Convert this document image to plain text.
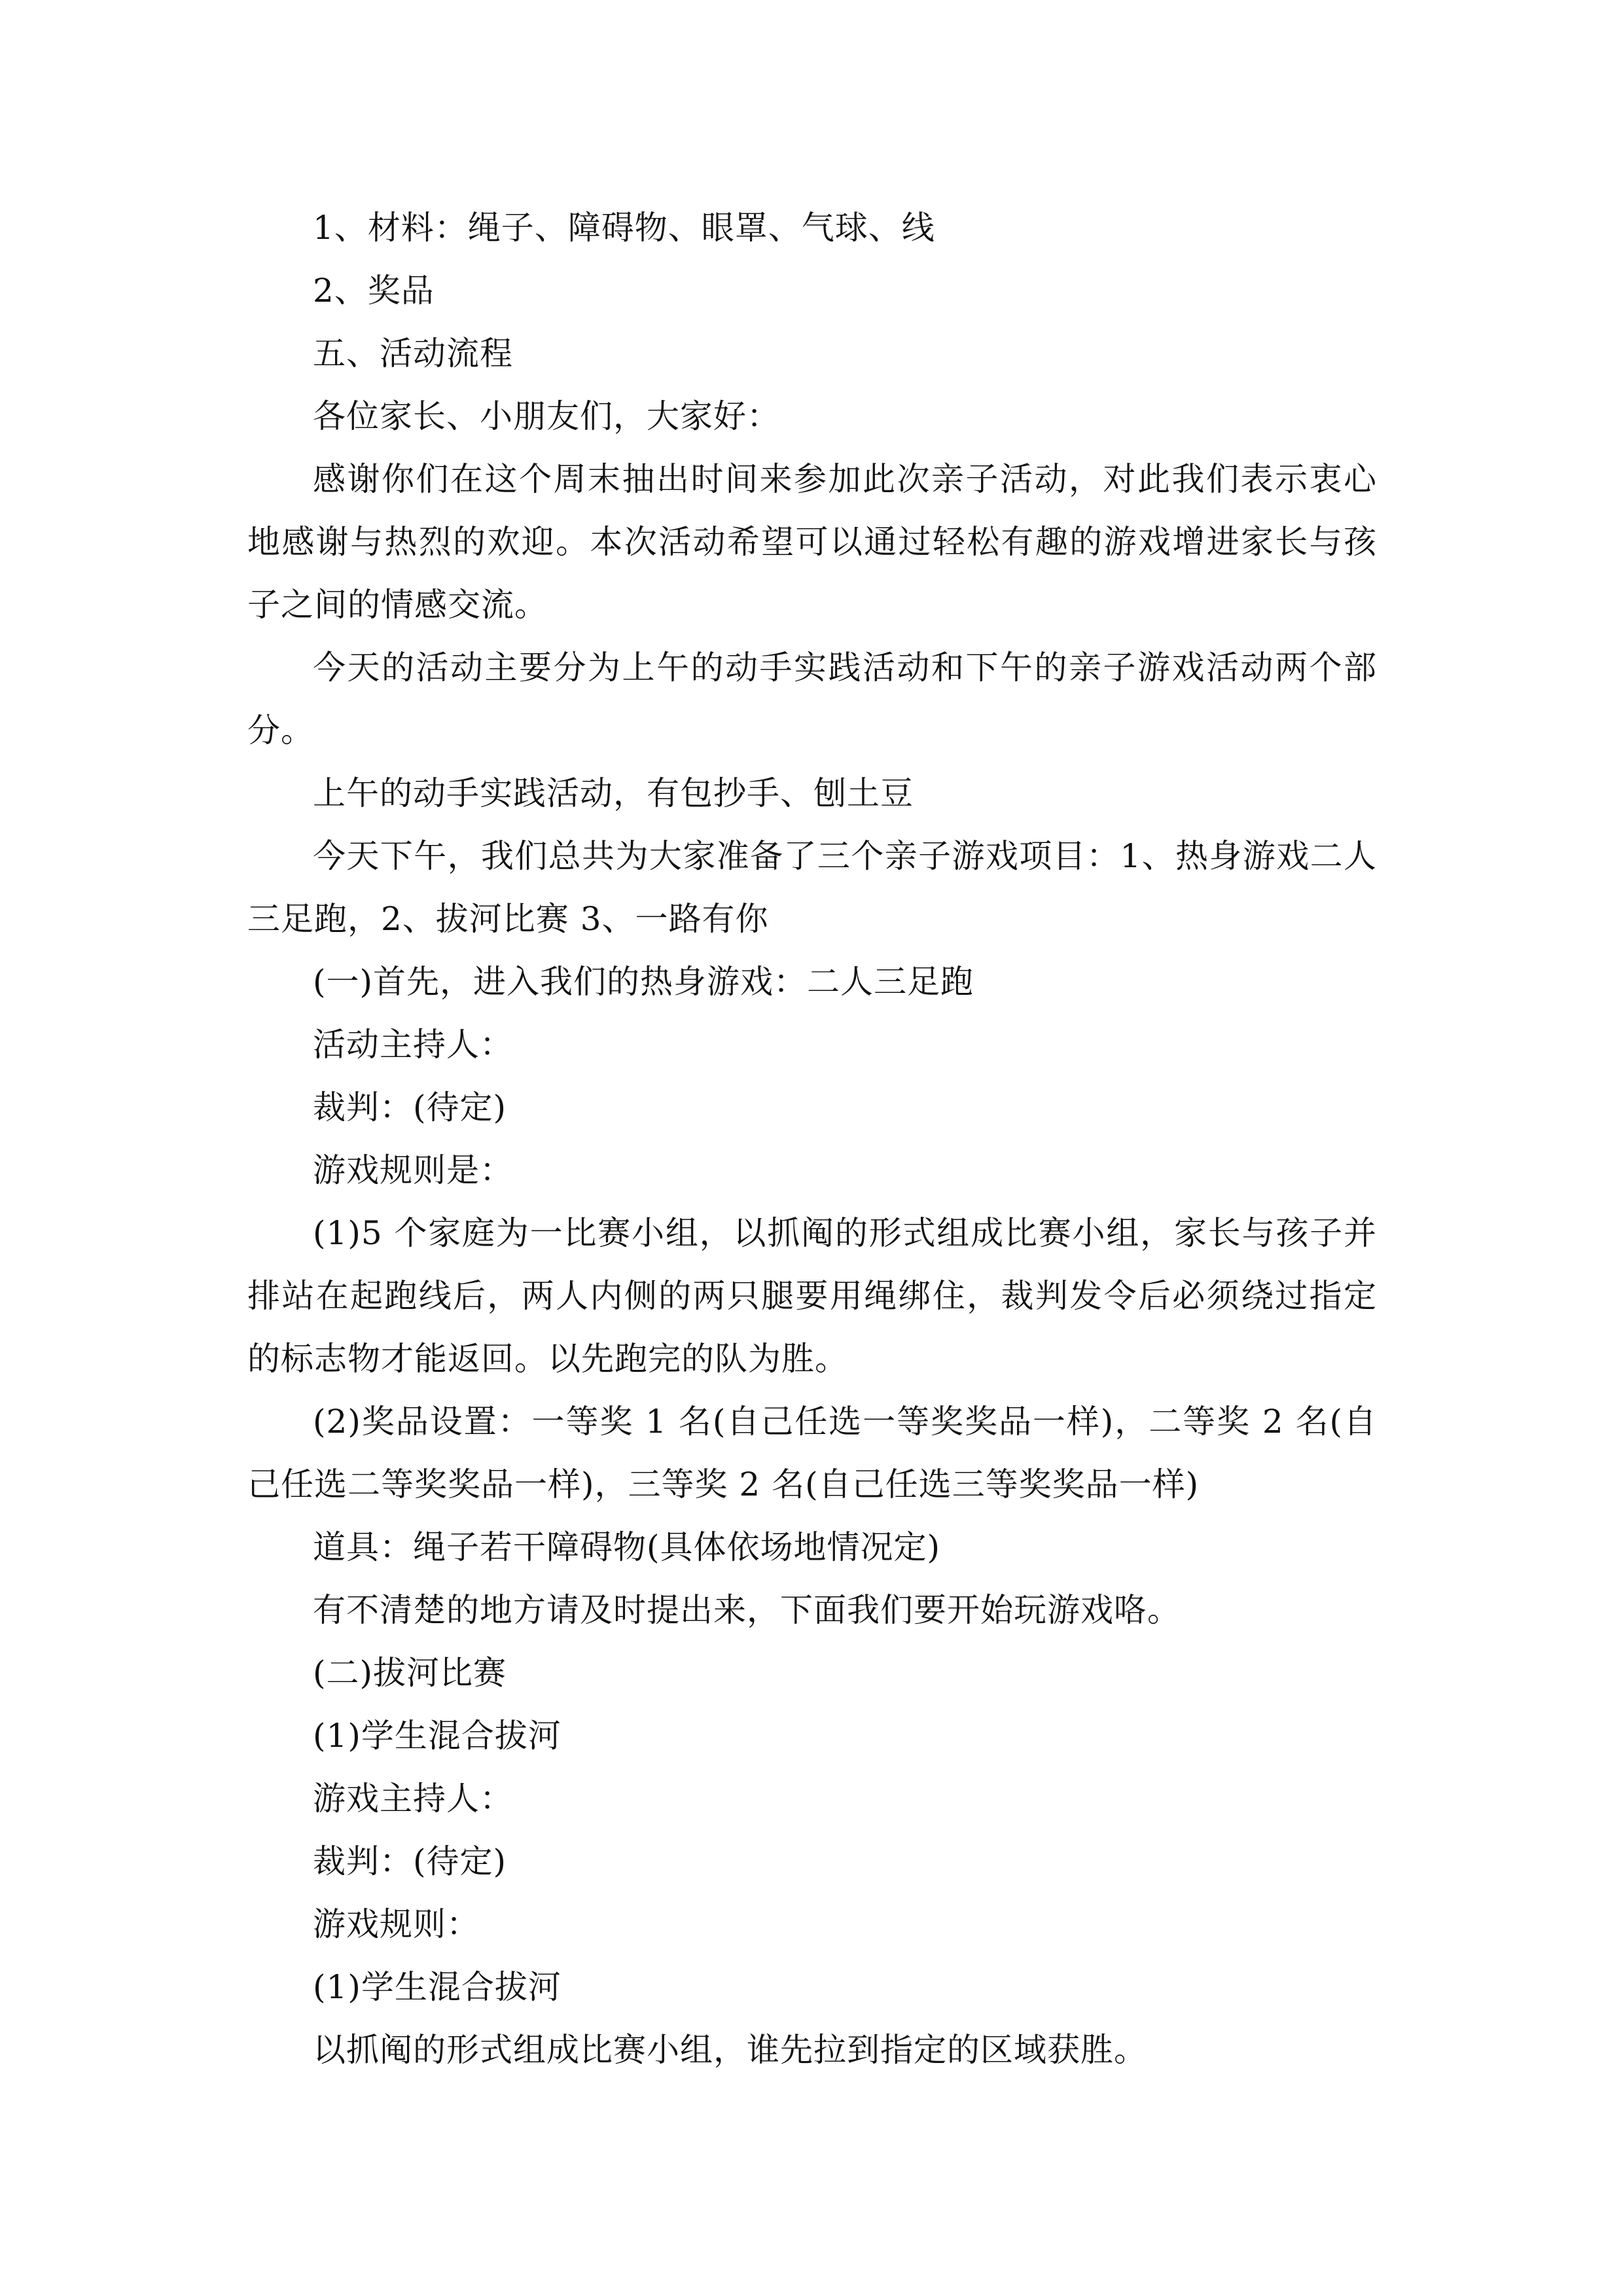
1、材料：绳子、障碍物、眼罩、气球、线

2、奖品

五、活动流程

各位家长、小朋友们，大家好：

感谢你们在这个周末抽出时间来参加此次亲子活动，对此我们表示衷心地感谢与热烈的欢迎。本次活动希望可以通过轻松有趣的游戏增进家长与孩子之间的情感交流。

今天的活动主要分为上午的动手实践活动和下午的亲子游戏活动两个部分。

上午的动手实践活动，有包抄手、刨土豆

今天下午，我们总共为大家准备了三个亲子游戏项目：1、热身游戏二人三足跑，2、拔河比赛 3、一路有你

(一)首先，进入我们的热身游戏：二人三足跑

活动主持人：

裁判：(待定)

游戏规则是：

(1)5 个家庭为一比赛小组，以抓阄的形式组成比赛小组，家长与孩子并排站在起跑线后，两人内侧的两只腿要用绳绑住，裁判发令后必须绕过指定的标志物才能返回。以先跑完的队为胜。

(2)奖品设置：一等奖 1 名(自己任选一等奖奖品一样)，二等奖 2 名(自己任选二等奖奖品一样)，三等奖 2 名(自己任选三等奖奖品一样)

道具：绳子若干障碍物(具体依场地情况定)

有不清楚的地方请及时提出来，下面我们要开始玩游戏咯。

(二)拔河比赛

(1)学生混合拔河

游戏主持人：

裁判：(待定)

游戏规则：

(1)学生混合拔河

以抓阄的形式组成比赛小组，谁先拉到指定的区域获胜。
